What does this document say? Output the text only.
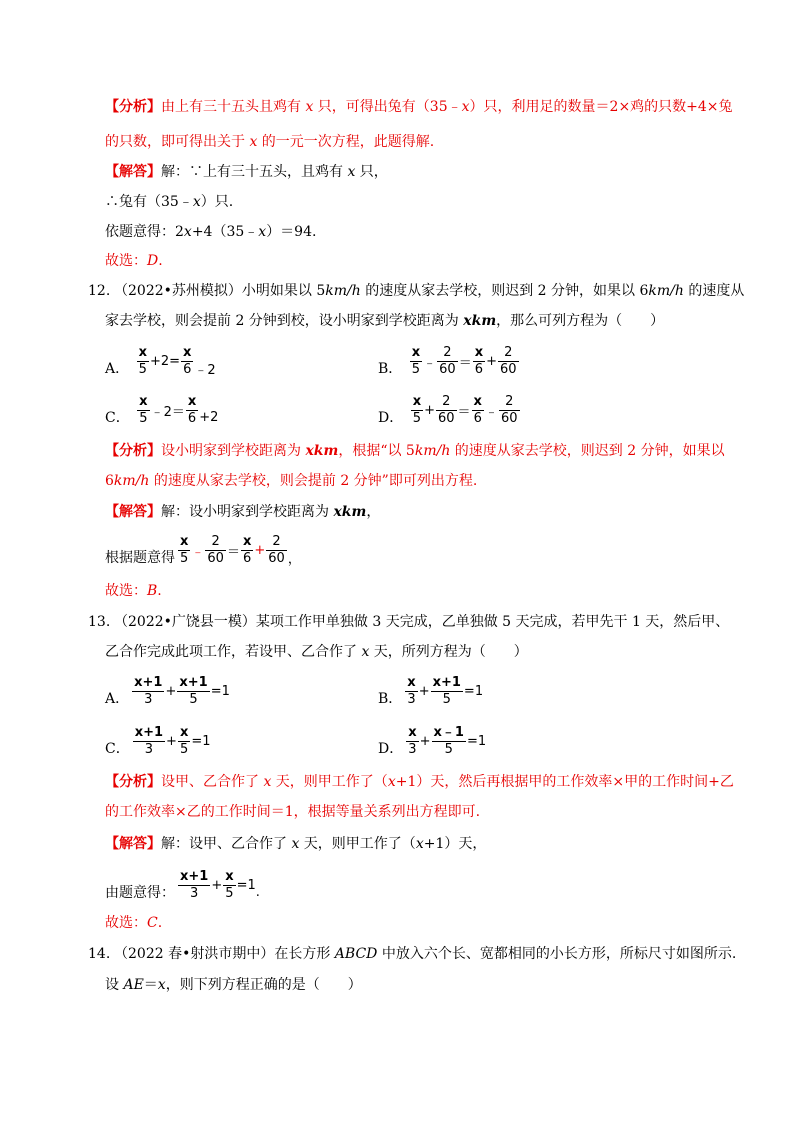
【分析】由上有三十五头且鸡有 x 只，可得出兔有（35﹣x）只，利用足的数量＝2×鸡的只数+4×兔
的只数，即可得出关于 x 的一元一次方程，此题得解.
【解答】解：∵上有三十五头，且鸡有 x 只，
∴兔有（35﹣x）只.
依题意得：2x+4（35﹣x）＝94.
故选：D.
12. （2022•苏州模拟）小明如果以 5km/h 的速度从家去学校，则迟到 2 分钟，如果以 6km/h 的速度从
家去学校，则会提前 2 分钟到校，设小明家到学校距离为 xkm，那么可列方程为（　　）
A． $\frac{x}{5} +2= \frac{x}{6}$ ﹣2	B． $\frac{x}{5}$ ﹣ $\frac{2}{60} = \frac{x}{6} + \frac{2}{60}$
C． $\frac{x}{5}$ ﹣2＝ $\frac{x}{6} +2$	D． $\frac{x}{5} + \frac{2}{60} = \frac{x}{6}$ ﹣ $\frac{2}{60}$
【分析】设小明家到学校距离为 xkm，根据“以 5km/h 的速度从家去学校，则迟到 2 分钟，如果以
6km/h 的速度从家去学校，则会提前 2 分钟”即可列出方程.
【解答】解：设小明家到学校距离为 xkm，
根据题意得 $\frac{x}{5}$ ﹣ $\frac{2}{60} = \frac{x}{6} + \frac{2}{60}$ ，
故选：B.
13. （2022•广饶县一模）某项工作甲单独做 3 天完成，乙单独做 5 天完成，若甲先干 1 天，然后甲、
乙合作完成此项工作，若设甲、乙合作了 x 天，所列方程为（　　）
A． $\frac{x+1}{3} + \frac{x+1}{5} =1$	B． $\frac{x}{3} + \frac{x+1}{5} =1$
C． $\frac{x+1}{3} + \frac{x}{5} =1$	D． $\frac{x}{3} + \frac{x﹣1}{5} =1$
【分析】设甲、乙合作了 x 天，则甲工作了（x+1）天，然后再根据甲的工作效率×甲的工作时间+乙
的工作效率×乙的工作时间＝1，根据等量关系列出方程即可.
【解答】解：设甲、乙合作了 x 天，则甲工作了（x+1）天，
由题意得： $\frac{x+1}{3} + \frac{x}{5} =1$.
故选：C.
14. （2022 春•射洪市期中）在长方形 ABCD 中放入六个长、宽都相同的小长方形，所标尺寸如图所示.
设 AE＝x，则下列方程正确的是（　　）
